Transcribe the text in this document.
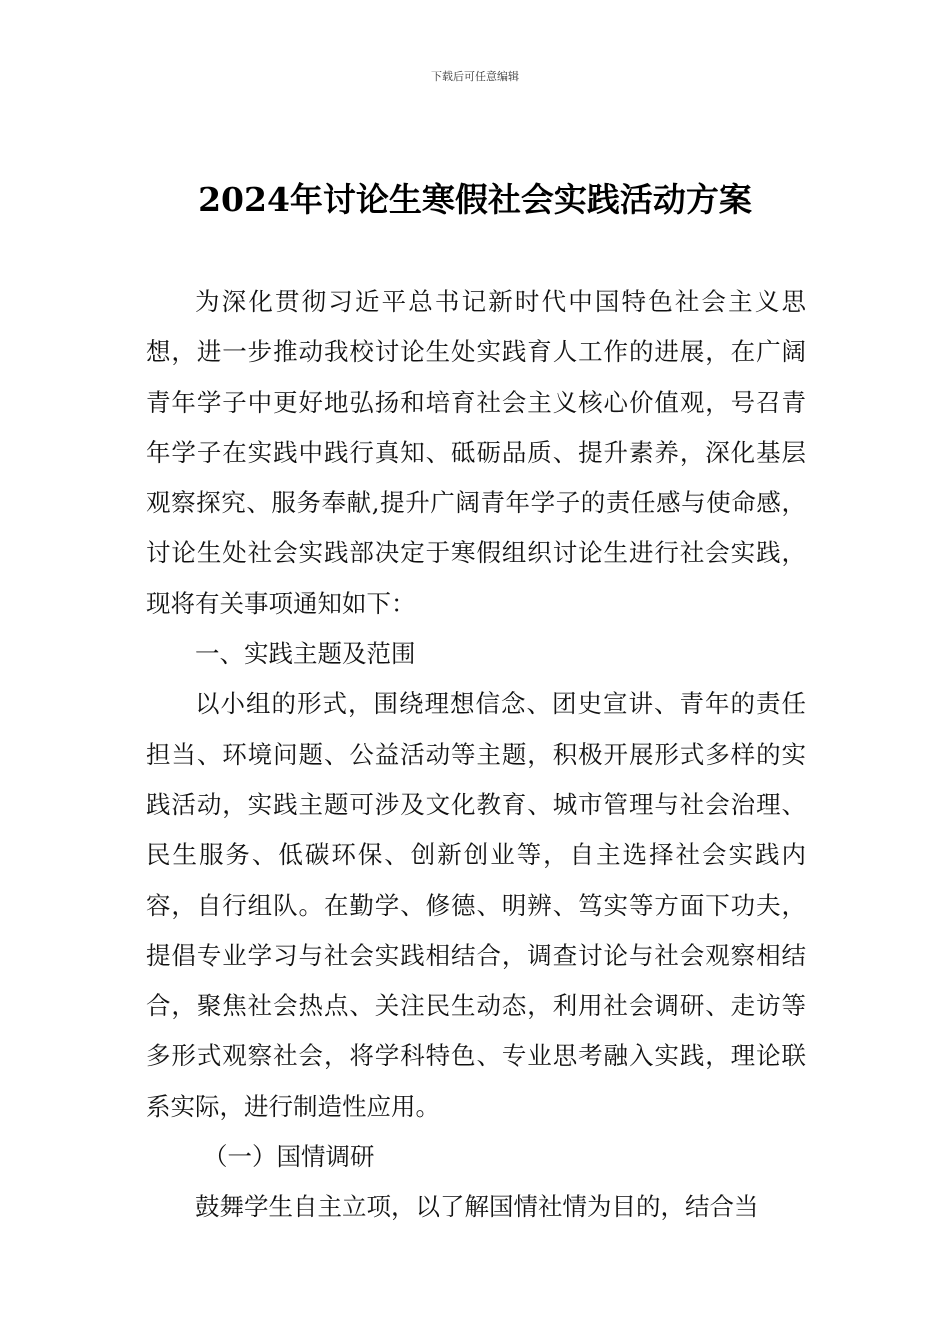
下载后可任意编辑
2024年讨论生寒假社会实践活动方案

为深化贯彻习近平总书记新时代中国特色社会主义思想，进一步推动我校讨论生处实践育人工作的进展，在广阔青年学子中更好地弘扬和培育社会主义核心价值观，号召青年学子在实践中践行真知、砥砺品质、提升素养，深化基层观察探究、服务奉献,提升广阔青年学子的责任感与使命感，讨论生处社会实践部决定于寒假组织讨论生进行社会实践，现将有关事项通知如下：

一、实践主题及范围

以小组的形式，围绕理想信念、团史宣讲、青年的责任担当、环境问题、公益活动等主题，积极开展形式多样的实践活动，实践主题可涉及文化教育、城市管理与社会治理、民生服务、低碳环保、创新创业等，自主选择社会实践内容，自行组队。在勤学、修德、明辨、笃实等方面下功夫，提倡专业学习与社会实践相结合，调查讨论与社会观察相结合，聚焦社会热点、关注民生动态，利用社会调研、走访等多形式观察社会，将学科特色、专业思考融入实践，理论联系实际，进行制造性应用。

（一）国情调研

鼓舞学生自主立项，以了解国情社情为目的，结合当
